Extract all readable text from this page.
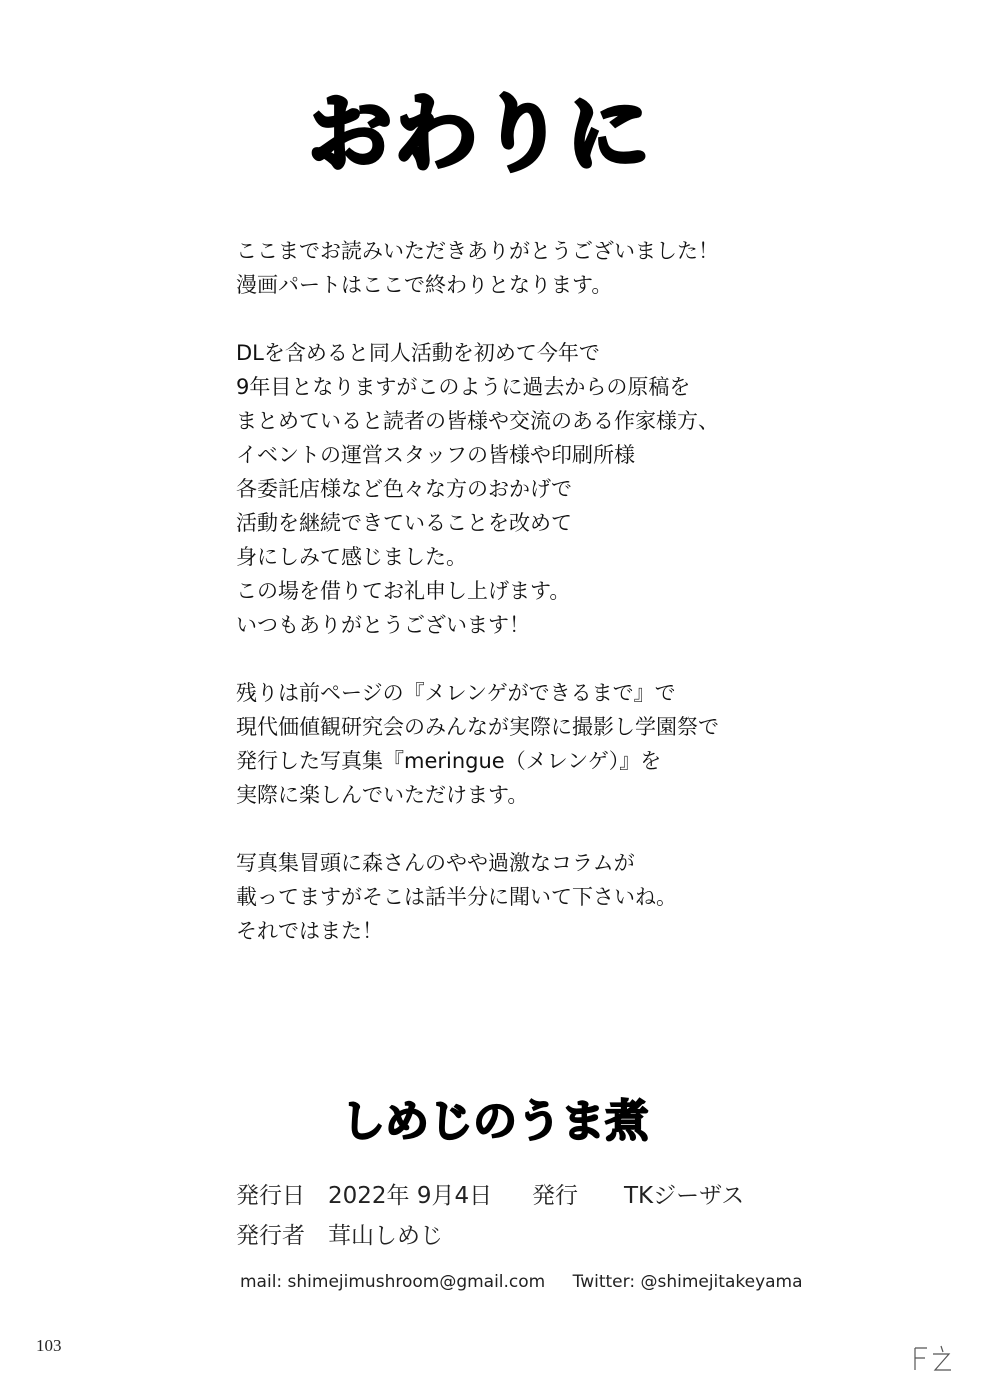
おわりに
ここまでお読みいただきありがとうございました！
漫画パートはここで終わりとなります。
DLを含めると同人活動を初めて今年で
9年目となりますがこのように過去からの原稿を
まとめていると読者の皆様や交流のある作家様方、
イベントの運営スタッフの皆様や印刷所様
各委託店様など色々な方のおかげで
活動を継続できていることを改めて
身にしみて感じました。
この場を借りてお礼申し上げます。
いつもありがとうございます！
残りは前ページの『メレンゲができるまで』で
現代価値観研究会のみんなが実際に撮影し学園祭で
発行した写真集『meringue（メレンゲ）』を
実際に楽しんでいただけます。
写真集冒頭に森さんのやや過激なコラムが
載ってますがそこは話半分に聞いて下さいね。
それではまた！
しめじのうま煮
発行日 2022年 9月4日 発行 TKジーザス
発行者 茸山しめじ
mail: shimejimushroom@gmail.com Twitter: @shimejitakeyama
103
